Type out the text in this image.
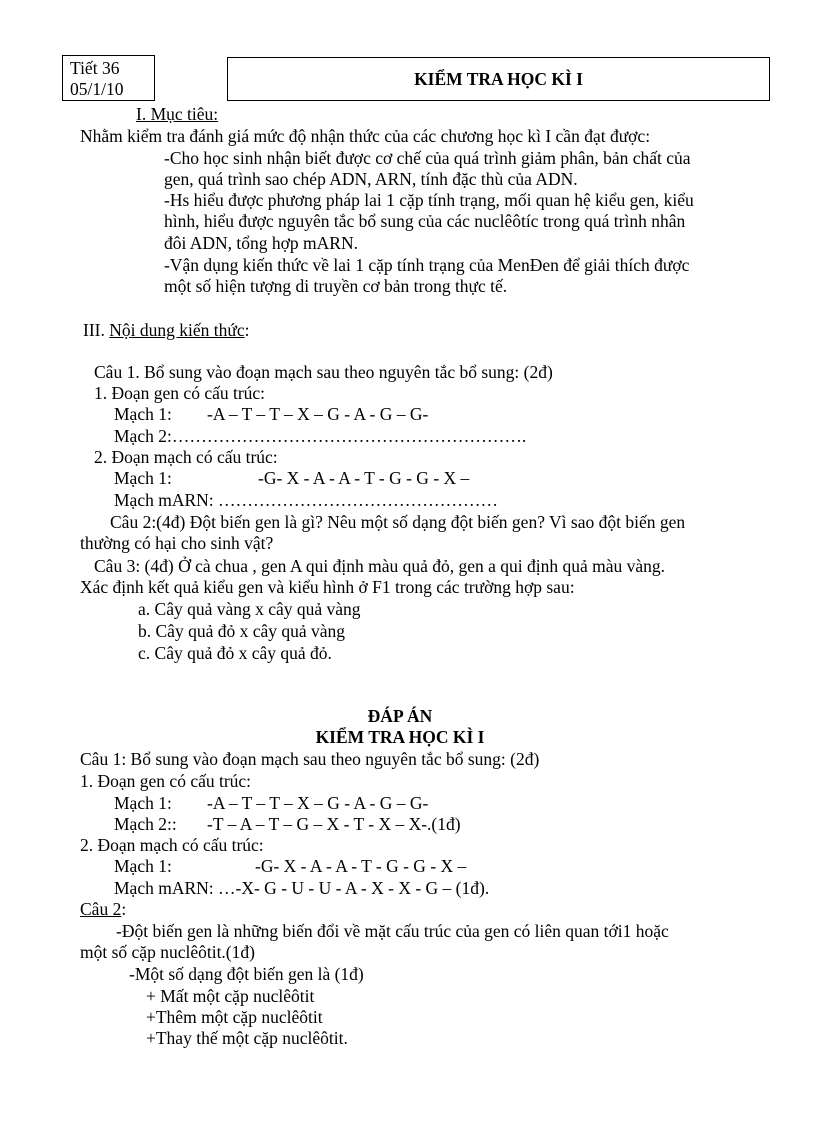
Tiết 36
05/1/10	KIỂM TRA HỌC KÌ I
I. Mục tiêu:
Nhằm kiểm tra đánh giá mức độ nhận thức của các chương học kì I cần đạt được:
-Cho học sinh nhận biết được cơ chế của quá trình giảm phân, bản chất của
gen, quá trình sao chép ADN, ARN, tính đặc thù của ADN.
-Hs hiểu được phương pháp lai 1 cặp tính trạng, mối quan hệ kiểu gen, kiểu
hình, hiểu được nguyên tắc bổ sung của các nuclêôtíc trong quá trình nhân
đôi ADN, tổng hợp mARN.
-Vận dụng kiến thức về lai 1 cặp tính trạng của MenĐen để giải thích được
một số hiện tượng di truyền cơ bản trong thực tế.
III. Nội dung kiến thức:
Câu 1. Bổ sung vào đoạn mạch sau theo nguyên tắc bổ sung: (2đ)
1. Đoạn gen có cấu trúc:
Mạch 1: -A – T – T – X – G - A - G – G-
Mạch 2:…………………………………………………….
2. Đoạn mạch có cấu trúc:
Mạch 1:	-G- X - A - A - T - G - G - X –
Mạch mARN: …………………………………………
Câu 2:(4đ) Đột biến gen là gì? Nêu một số dạng đột biến gen? Vì sao đột biến gen
thường có hại cho sinh vật?
Câu 3: (4đ) Ở cà chua , gen A qui định màu quả đỏ, gen a qui định quả màu vàng.
Xác định kết quả kiểu gen và kiểu hình ở F1 trong các trường hợp sau:
a. Cây quả vàng x cây quả vàng
b. Cây quả đỏ x cây quả vàng
c. Cây quả đỏ x cây quả đỏ.
ĐÁP ÁN
KIỂM TRA HỌC KÌ I
Câu 1: Bổ sung vào đoạn mạch sau theo nguyên tắc bổ sung: (2đ)
1. Đoạn gen có cấu trúc:
Mạch 1: -A – T – T – X – G - A - G – G-
Mạch 2:: -T – A – T – G – X - T - X – X-.(1đ)
2. Đoạn mạch có cấu trúc:
Mạch 1:	-G- X - A - A - T - G - G - X –
Mạch mARN: …-X- G - U - U - A - X - X - G – (1đ).
Câu 2:
-Đột biến gen là những biến đổi về mặt cấu trúc của gen có liên quan tới1 hoặc
một số cặp nuclêôtit.(1đ)
-Một số dạng đột biến gen là (1đ)
+ Mất một cặp nuclêôtit
+Thêm một cặp nuclêôtit
+Thay thế một cặp nuclêôtit.
